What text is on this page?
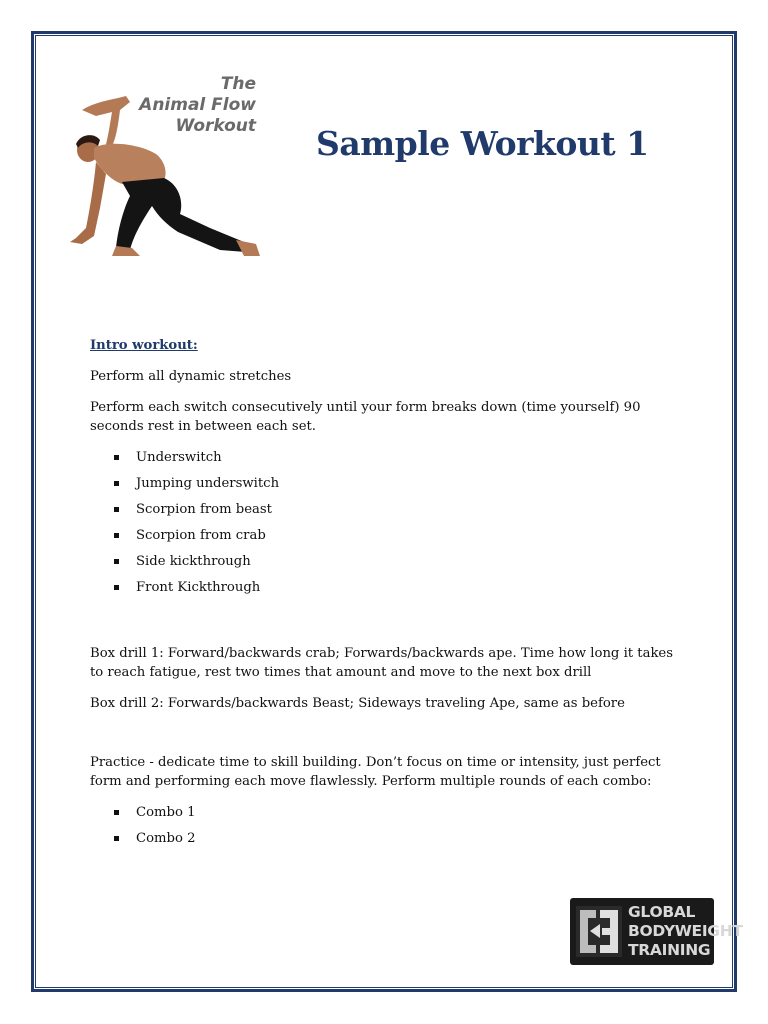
The
Animal Flow
Workout Sample Workout 1
Intro workout:

Perform all dynamic stretches

Perform each switch consecutively until your form breaks down (time yourself) 90 seconds rest in between each set.

Underswitch
Jumping underswitch
Scorpion from beast
Scorpion from crab
Side kickthrough
Front Kickthrough

Box drill 1: Forward/backwards crab; Forwards/backwards ape. Time how long it takes to reach fatigue, rest two times that amount and move to the next box drill

Box drill 2: Forwards/backwards Beast; Sideways traveling Ape, same as before

Practice - dedicate time to skill building. Don’t focus on time or intensity, just perfect form and performing each move flawlessly. Perform multiple rounds of each combo:

Combo 1
Combo 2
GLOBAL
BODYWEIGHT
TRAINING
